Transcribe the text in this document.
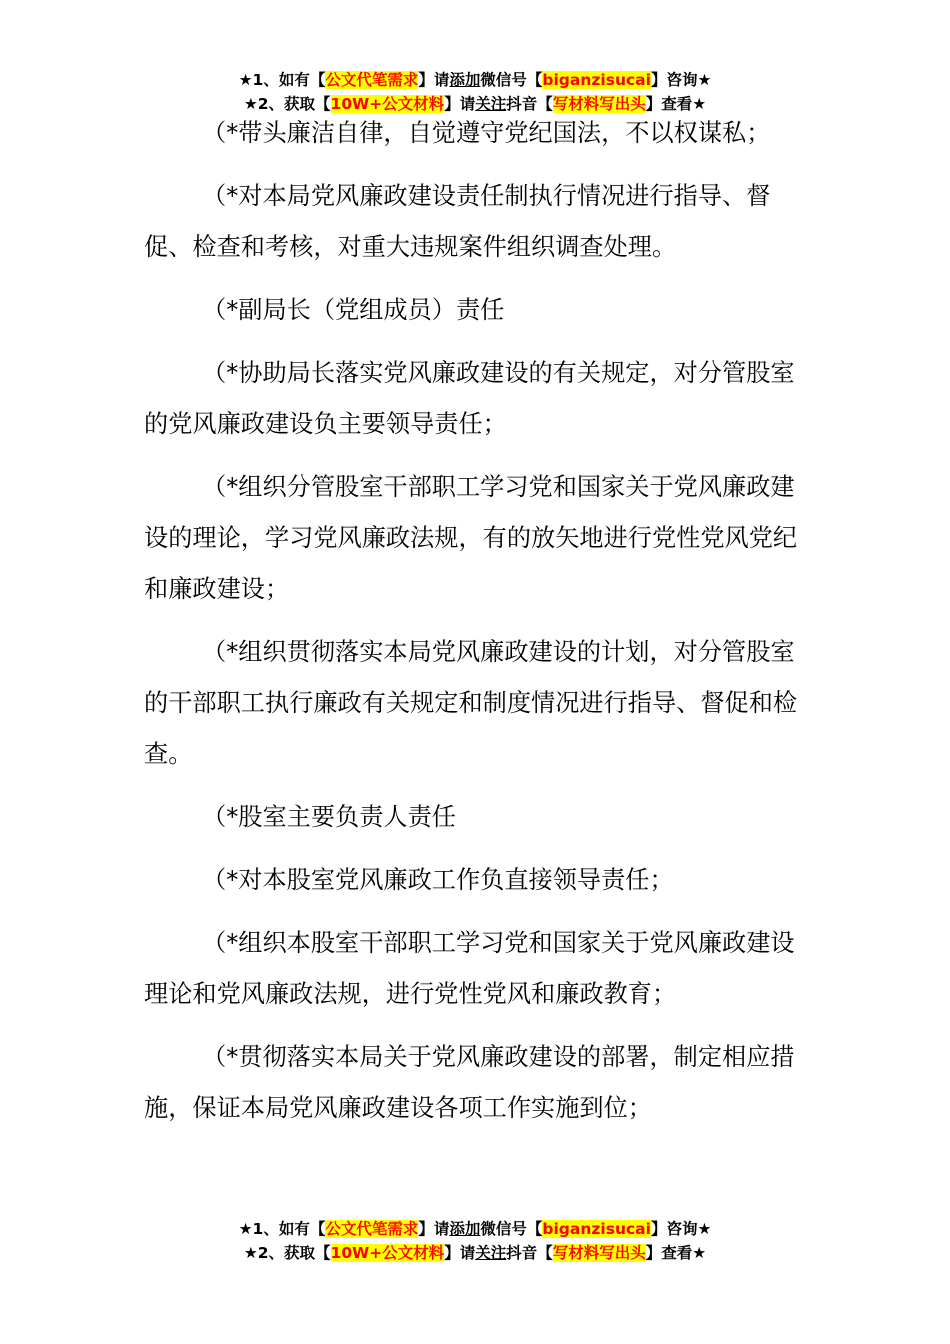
★1、如有【公文代笔需求】请添加微信号【biganzisucai】咨询★
★2、获取【10W+公文材料】请关注抖音【写材料写出头】查看★

（*带头廉洁自律，自觉遵守党纪国法，不以权谋私；

（*对本局党风廉政建设责任制执行情况进行指导、督促、检查和考核，对重大违规案件组织调查处理。

（*副局长（党组成员）责任

（*协助局长落实党风廉政建设的有关规定，对分管股室的党风廉政建设负主要领导责任；

（*组织分管股室干部职工学习党和国家关于党风廉政建设的理论，学习党风廉政法规，有的放矢地进行党性党风党纪和廉政建设；

（*组织贯彻落实本局党风廉政建设的计划，对分管股室的干部职工执行廉政有关规定和制度情况进行指导、督促和检查。

（*股室主要负责人责任

（*对本股室党风廉政工作负直接领导责任；

（*组织本股室干部职工学习党和国家关于党风廉政建设理论和党风廉政法规，进行党性党风和廉政教育；

（*贯彻落实本局关于党风廉政建设的部署，制定相应措施，保证本局党风廉政建设各项工作实施到位；

★1、如有【公文代笔需求】请添加微信号【biganzisucai】咨询★
★2、获取【10W+公文材料】请关注抖音【写材料写出头】查看★
